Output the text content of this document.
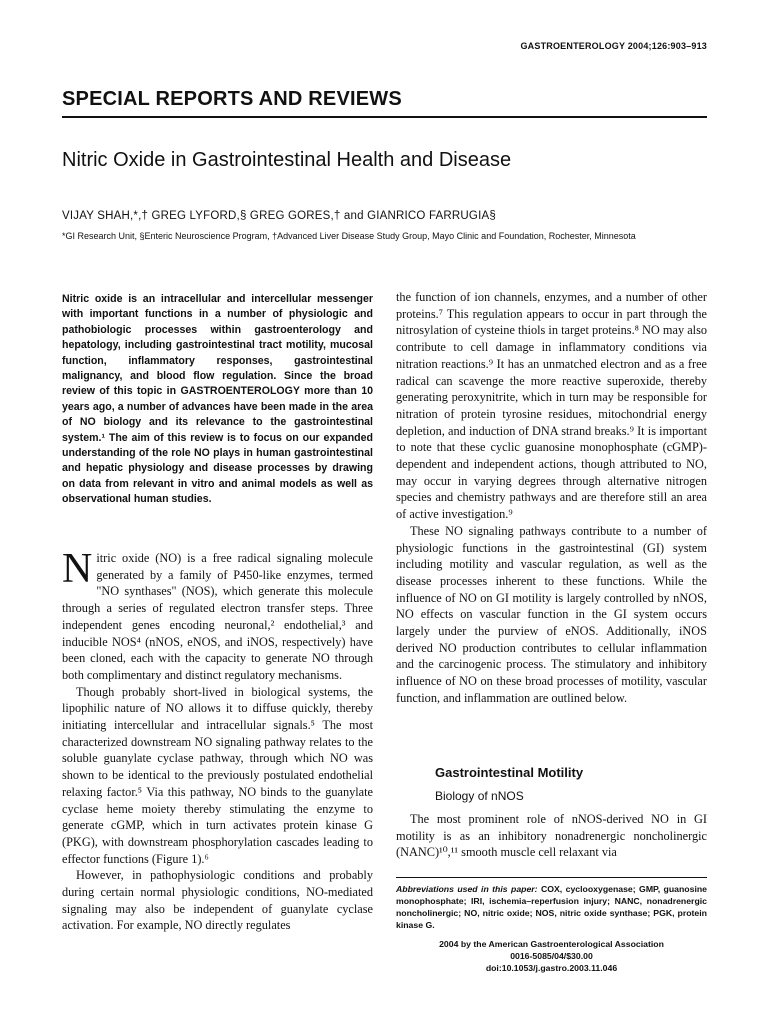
GASTROENTEROLOGY 2004;126:903–913
SPECIAL REPORTS AND REVIEWS
Nitric Oxide in Gastrointestinal Health and Disease
VIJAY SHAH,*,† GREG LYFORD,§ GREG GORES,† and GIANRICO FARRUGIA§
*GI Research Unit, §Enteric Neuroscience Program, †Advanced Liver Disease Study Group, Mayo Clinic and Foundation, Rochester, Minnesota

Nitric oxide is an intracellular and intercellular messenger with important functions in a number of physiologic and pathobiologic processes within gastroenterology and hepatology, including gastrointestinal tract motility, mucosal function, inflammatory responses, gastrointestinal malignancy, and blood flow regulation. Since the broad review of this topic in GASTROENTEROLOGY more than 10 years ago, a number of advances have been made in the area of NO biology and its relevance to the gastrointestinal system.¹ The aim of this review is to focus on our expanded understanding of the role NO plays in human gastrointestinal and hepatic physiology and disease processes by drawing on data from relevant in vitro and animal models as well as observational human studies.

Nitric oxide (NO) is a free radical signaling molecule generated by a family of P450-like enzymes, termed "NO synthases" (NOS), which generate this molecule through a series of regulated electron transfer steps. Three independent genes encoding neuronal,² endothelial,³ and inducible NOS⁴ (nNOS, eNOS, and iNOS, respectively) have been cloned, each with the capacity to generate NO through both complimentary and distinct regulatory mechanisms.

Though probably short-lived in biological systems, the lipophilic nature of NO allows it to diffuse quickly, thereby initiating intercellular and intracellular signals.⁵ The most characterized downstream NO signaling pathway relates to the soluble guanylate cyclase pathway, through which NO was shown to be identical to the previously postulated endothelial relaxing factor.⁵ Via this pathway, NO binds to the guanylate cyclase heme moiety thereby stimulating the enzyme to generate cGMP, which in turn activates protein kinase G (PKG), with downstream phosphorylation cascades leading to effector functions (Figure 1).⁶

However, in pathophysiologic conditions and probably during certain normal physiologic conditions, NO-mediated signaling may also be independent of guanylate cyclase activation. For example, NO directly regulates

the function of ion channels, enzymes, and a number of other proteins.⁷ This regulation appears to occur in part through the nitrosylation of cysteine thiols in target proteins.⁸ NO may also contribute to cell damage in inflammatory conditions via nitration reactions.⁹ It has an unmatched electron and as a free radical can scavenge the more reactive superoxide, thereby generating peroxynitrite, which in turn may be responsible for nitration of protein tyrosine residues, mitochondrial energy depletion, and induction of DNA strand breaks.⁹ It is important to note that these cyclic guanosine monophosphate (cGMP)-dependent and independent actions, though attributed to NO, may occur in varying degrees through alternative nitrogen species and chemistry pathways and are therefore still an area of active investigation.⁹

These NO signaling pathways contribute to a number of physiologic functions in the gastrointestinal (GI) system including motility and vascular regulation, as well as the disease processes inherent to these functions. While the influence of NO on GI motility is largely controlled by nNOS, NO effects on vascular function in the GI system occurs largely under the purview of eNOS. Additionally, iNOS derived NO production contributes to cellular inflammation and the carcinogenic process. The stimulatory and inhibitory influence of NO on these broad processes of motility, vascular function, and inflammation are outlined below.

Gastrointestinal Motility
Biology of nNOS

The most prominent role of nNOS-derived NO in GI motility is as an inhibitory nonadrenergic noncholinergic (NANC)¹⁰,¹¹ smooth muscle cell relaxant via

Abbreviations used in this paper: COX, cyclooxygenase; GMP, guanosine monophosphate; IRI, ischemia–reperfusion injury; NANC, nonadrenergic noncholinergic; NO, nitric oxide; NOS, nitric oxide synthase; PGK, protein kinase G.
2004 by the American Gastroenterological Association
0016-5085/04/$30.00
doi:10.1053/j.gastro.2003.11.046
